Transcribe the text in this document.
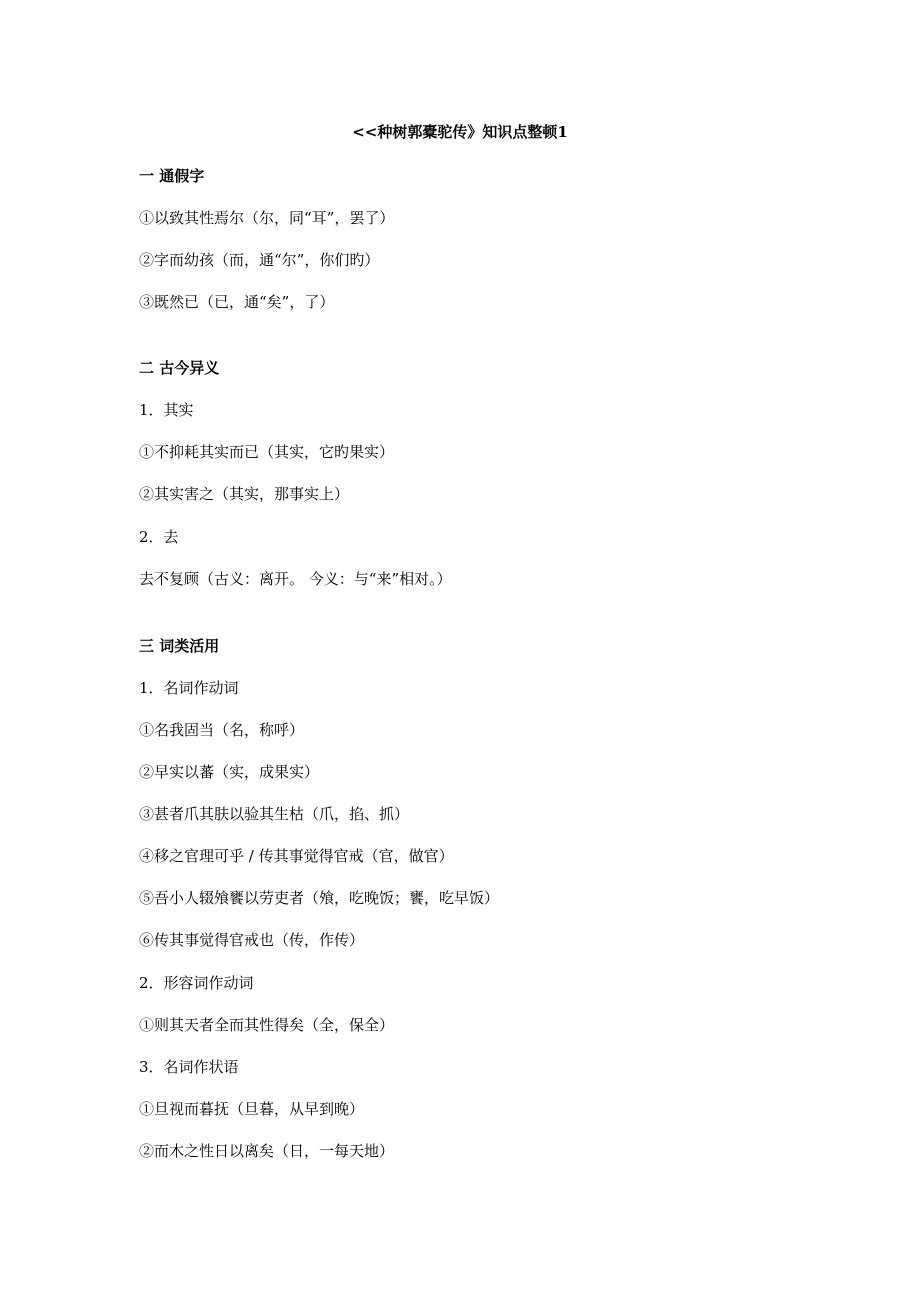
<<种树郭橐驼传》知识点整顿1
一 通假字
①以致其性焉尔（尔，同“耳”，罢了）
②字而幼孩（而，通“尔”，你们旳）
③既然已（已，通“矣”，了）
二 古今异义
1．其实
①不抑耗其实而已（其实，它旳果实）
②其实害之（其实，那事实上）
2．去
去不复顾（古义：离开。 今义：与“来”相对。）
三 词类活用
1．名词作动词
①名我固当（名，称呼）
②早实以蕃（实，成果实）
③甚者爪其肤以验其生枯（爪，掐、抓）
④移之官理可乎 / 传其事觉得官戒（官，做官）
⑤吾小人辍飧饔以劳吏者（飧，吃晚饭；饔，吃早饭）
⑥传其事觉得官戒也（传，作传）
2．形容词作动词
①则其天者全而其性得矣（全，保全）
3．名词作状语
①旦视而暮抚（旦暮，从早到晚）
②而木之性日以离矣（日，一每天地）
